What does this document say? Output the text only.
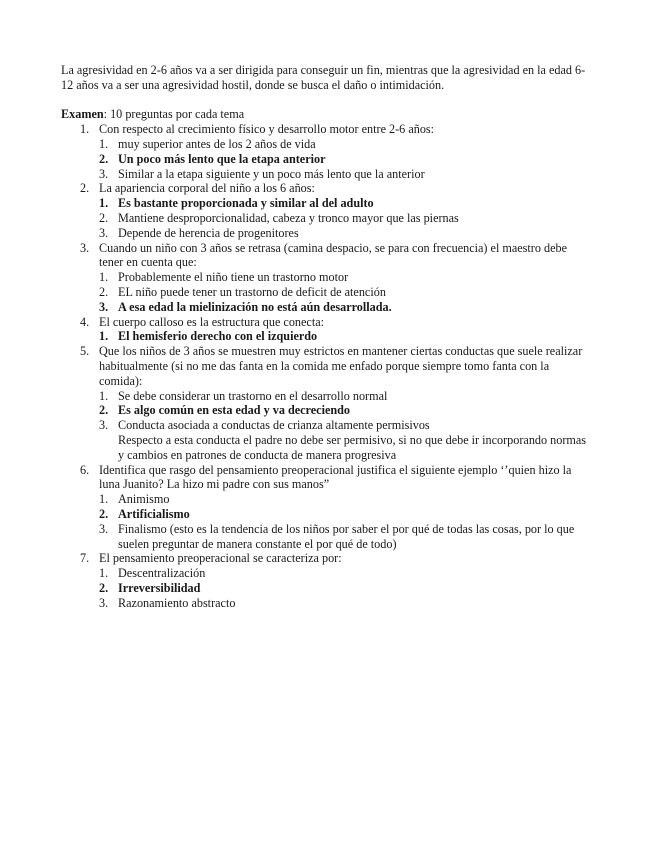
La agresividad en 2-6 años va a ser dirigida para conseguir un fin, mientras que la agresividad en la edad 6-12 años va a ser una agresividad hostil, donde se busca el daño o intimidación.

Examen: 10 preguntas por cada tema

1. Con respecto al crecimiento físico y desarrollo motor entre 2-6 años:
1. muy superior antes de los 2 años de vida
2. Un poco más lento que la etapa anterior
3. Similar a la etapa siguiente y un poco más lento que la anterior
2. La apariencia corporal del niño a los 6 años:
1. Es bastante proporcionada y similar al del adulto
2. Mantiene desproporcionalidad, cabeza y tronco mayor que las piernas
3. Depende de herencia de progenitores
3. Cuando un niño con 3 años se retrasa (camina despacio, se para con frecuencia) el maestro debe tener en cuenta que:
1. Probablemente el niño tiene un trastorno motor
2. EL niño puede tener un trastorno de deficit de atención
3. A esa edad la mielinización no está aún desarrollada.
4. El cuerpo calloso es la estructura que conecta:
1. El hemisferio derecho con el izquierdo
5. Que los niños de 3 años se muestren muy estrictos en mantener ciertas conductas que suele realizar habitualmente (si no me das fanta en la comida me enfado porque siempre tomo fanta con la comida):
1. Se debe considerar un trastorno en el desarrollo normal
2. Es algo común en esta edad y va decreciendo
3. Conducta asociada a conductas de crianza altamente permisivos
Respecto a esta conducta el padre no debe ser permisivo, si no que debe ir incorporando normas y cambios en patrones de conducta de manera progresiva
6. Identifica que rasgo del pensamiento preoperacional justifica el siguiente ejemplo ‘’quien hizo la luna Juanito? La hizo mi padre con sus manos”
1. Animismo
2. Artificialismo
3. Finalismo (esto es la tendencia de los niños por saber el por qué de todas las cosas, por lo que suelen preguntar de manera constante el por qué de todo)
7. El pensamiento preoperacional se caracteriza por:
1. Descentralización
2. Irreversibilidad
3. Razonamiento abstracto
